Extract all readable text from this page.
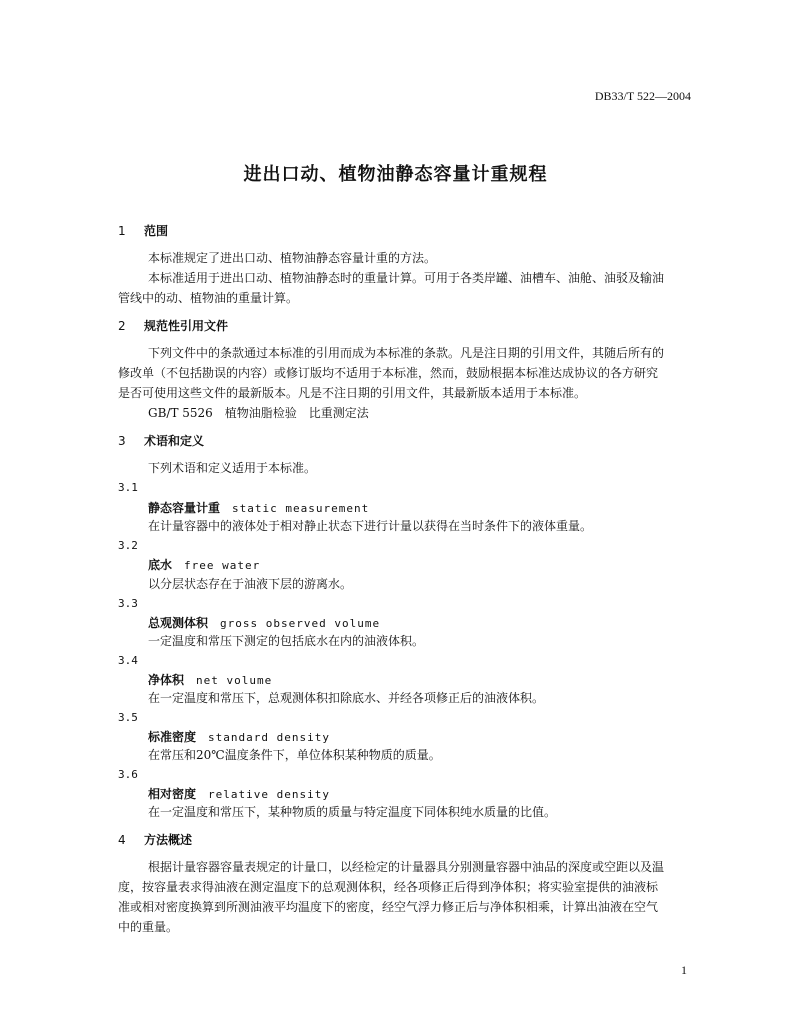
DB33/T 522—2004
进出口动、植物油静态容量计重规程
1 范围
本标准规定了进出口动、植物油静态容量计重的方法。
本标准适用于进出口动、植物油静态时的重量计算。可用于各类岸罐、油槽车、油舱、油驳及输油
管线中的动、植物油的重量计算。
2 规范性引用文件
下列文件中的条款通过本标准的引用而成为本标准的条款。凡是注日期的引用文件，其随后所有的
修改单（不包括勘误的内容）或修订版均不适用于本标准，然而，鼓励根据本标准达成协议的各方研究
是否可使用这些文件的最新版本。凡是不注日期的引用文件，其最新版本适用于本标准。
GB/T 5526　植物油脂检验　比重测定法
3 术语和定义
下列术语和定义适用于本标准。
3.1
静态容量计重 static measurement
在计量容器中的液体处于相对静止状态下进行计量以获得在当时条件下的液体重量。
3.2
底水 free water
以分层状态存在于油液下层的游离水。
3.3
总观测体积 gross observed volume
一定温度和常压下测定的包括底水在内的油液体积。
3.4
净体积 net volume
在一定温度和常压下，总观测体积扣除底水、并经各项修正后的油液体积。
3.5
标准密度 standard density
在常压和20℃温度条件下，单位体积某种物质的质量。
3.6
相对密度 relative density
在一定温度和常压下，某种物质的质量与特定温度下同体积纯水质量的比值。
4 方法概述
根据计量容器容量表规定的计量口，以经检定的计量器具分别测量容器中油品的深度或空距以及温
度，按容量表求得油液在测定温度下的总观测体积，经各项修正后得到净体积；将实验室提供的油液标
准或相对密度换算到所测油液平均温度下的密度，经空气浮力修正后与净体积相乘，计算出油液在空气
中的重量。
1
